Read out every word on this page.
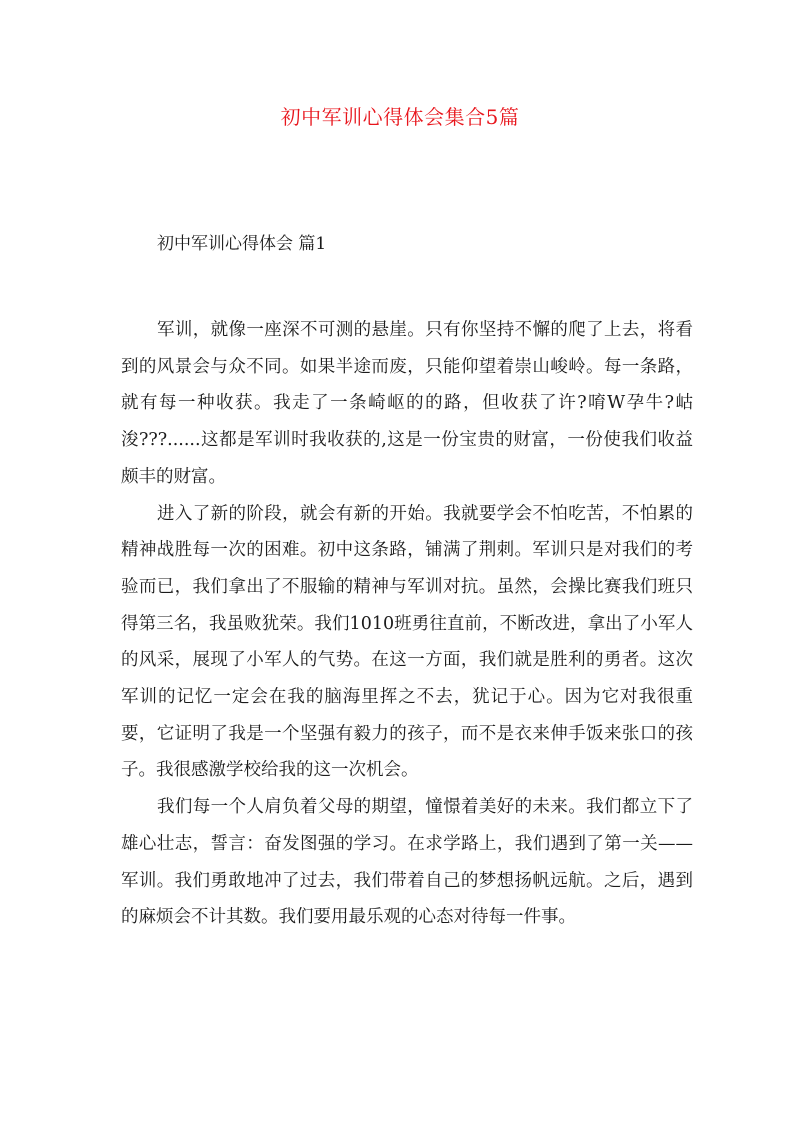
初中军训心得体会集合5篇
初中军训心得体会 篇1

军训，就像一座深不可测的悬崖。只有你坚持不懈的爬了上去，将看到的风景会与众不同。如果半途而废，只能仰望着崇山峻岭。每一条路，就有每一种收获。我走了一条崎岖的的路，但收获了许?唷W孕牛?岵浚???......这都是军训时我收获的,这是一份宝贵的财富，一份使我们收益颇丰的财富。

进入了新的阶段，就会有新的开始。我就要学会不怕吃苦，不怕累的精神战胜每一次的困难。初中这条路，铺满了荆刺。军训只是对我们的考验而已，我们拿出了不服输的精神与军训对抗。虽然，会操比赛我们班只得第三名，我虽败犹荣。我们1010班勇往直前，不断改进，拿出了小军人的风采，展现了小军人的气势。在这一方面，我们就是胜利的勇者。这次军训的记忆一定会在我的脑海里挥之不去，犹记于心。因为它对我很重要，它证明了我是一个坚强有毅力的孩子，而不是衣来伸手饭来张口的孩子。我很感激学校给我的这一次机会。

我们每一个人肩负着父母的期望，憧憬着美好的未来。我们都立下了雄心壮志，誓言：奋发图强的学习。在求学路上，我们遇到了第一关——军训。我们勇敢地冲了过去，我们带着自己的梦想扬帆远航。之后，遇到的麻烦会不计其数。我们要用最乐观的心态对待每一件事。
